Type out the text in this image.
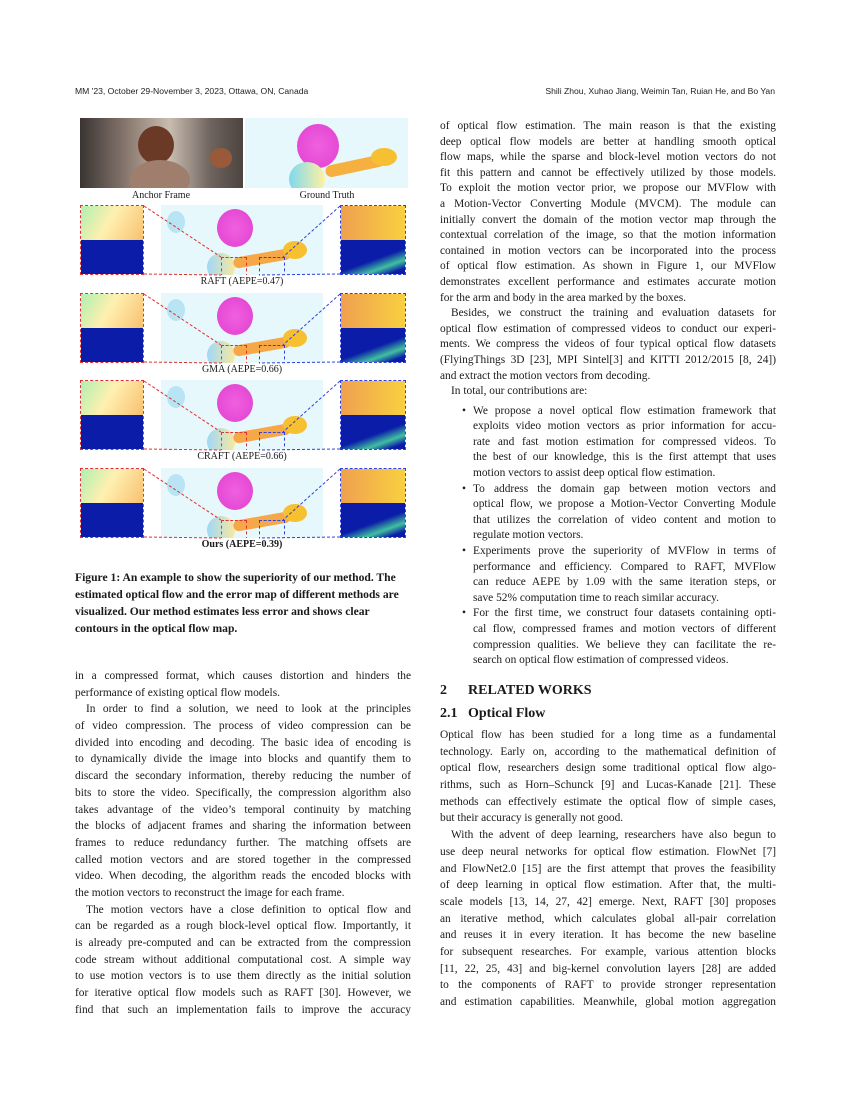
MM '23, October 29-November 3, 2023, Ottawa, ON, Canada	Shili Zhou, Xuhao Jiang, Weimin Tan, Ruian He, and Bo Yan
Anchor Frame	Ground Truth
RAFT (AEPE=0.47)
GMA (AEPE=0.66)
CRAFT (AEPE=0.66)
Ours (AEPE=0.39)
Figure 1: An example to show the superiority of our method. The estimated optical flow and the error map of different methods are visualized. Our method estimates less error and shows clear contours in the optical flow map.
in a compressed format, which causes distortion and hinders the
performance of existing optical flow models.
In order to find a solution, we need to look at the principles
of video compression. The process of video compression can be
divided into encoding and decoding. The basic idea of encoding is
to dynamically divide the image into blocks and quantify them to
discard the secondary information, thereby reducing the number of
bits to store the video. Specifically, the compression algorithm also
takes advantage of the video’s temporal continuity by matching
the blocks of adjacent frames and sharing the information between
frames to reduce redundancy further. The matching offsets are
called motion vectors and are stored together in the compressed
video. When decoding, the algorithm reads the encoded blocks with
the motion vectors to reconstruct the image for each frame.
The motion vectors have a close definition to optical flow and
can be regarded as a rough block-level optical flow. Importantly, it
is already pre-computed and can be extracted from the compression
code stream without additional computational cost. A simple way
to use motion vectors is to use them directly as the initial solution
for iterative optical flow models such as RAFT [30]. However, we
find that such an implementation fails to improve the accuracy
of optical flow estimation. The main reason is that the existing
deep optical flow models are better at handling smooth optical
flow maps, while the sparse and block-level motion vectors do not
fit this pattern and cannot be effectively utilized by those models.
To exploit the motion vector prior, we propose our MVFlow with
a Motion-Vector Converting Module (MVCM). The module can
initially convert the domain of the motion vector map through the
contextual correlation of the image, so that the motion information
contained in motion vectors can be incorporated into the process
of optical flow estimation. As shown in Figure 1, our MVFlow
demonstrates excellent performance and estimates accurate motion
for the arm and body in the area marked by the boxes.
Besides, we construct the training and evaluation datasets for
optical flow estimation of compressed videos to conduct our experi-
ments. We compress the videos of four typical optical flow datasets
(FlyingThings 3D [23], MPI Sintel[3] and KITTI 2012/2015 [8, 24])
and extract the motion vectors from decoding.
In total, our contributions are:
• We propose a novel optical flow estimation framework that
exploits video motion vectors as prior information for accu-
rate and fast motion estimation for compressed videos. To
the best of our knowledge, this is the first attempt that uses
motion vectors to assist deep optical flow estimation.
• To address the domain gap between motion vectors and
optical flow, we propose a Motion-Vector Converting Module
that utilizes the correlation of video content and motion to
regulate motion vectors.
• Experiments prove the superiority of MVFlow in terms of
performance and efficiency. Compared to RAFT, MVFlow
can reduce AEPE by 1.09 with the same iteration steps, or
save 52% computation time to reach similar accuracy.
• For the first time, we construct four datasets containing opti-
cal flow, compressed frames and motion vectors of different
compression qualities. We believe they can facilitate the re-
search on optical flow estimation of compressed videos.
2 RELATED WORKS
2.1 Optical Flow
Optical flow has been studied for a long time as a fundamental
technology. Early on, according to the mathematical definition of
optical flow, researchers design some traditional optical flow algo-
rithms, such as Horn–Schunck [9] and Lucas-Kanade [21]. These
methods can effectively estimate the optical flow of simple cases,
but their accuracy is generally not good.
With the advent of deep learning, researchers have also begun to
use deep neural networks for optical flow estimation. FlowNet [7]
and FlowNet2.0 [15] are the first attempt that proves the feasibility
of deep learning in optical flow estimation. After that, the multi-
scale models [13, 14, 27, 42] emerge. Next, RAFT [30] proposes
an iterative method, which calculates global all-pair correlation
and reuses it in every iteration. It has become the new baseline
for subsequent researches. For example, various attention blocks
[11, 22, 25, 43] and big-kernel convolution layers [28] are added
to the components of RAFT to provide stronger representation
and estimation capabilities. Meanwhile, global motion aggregation
